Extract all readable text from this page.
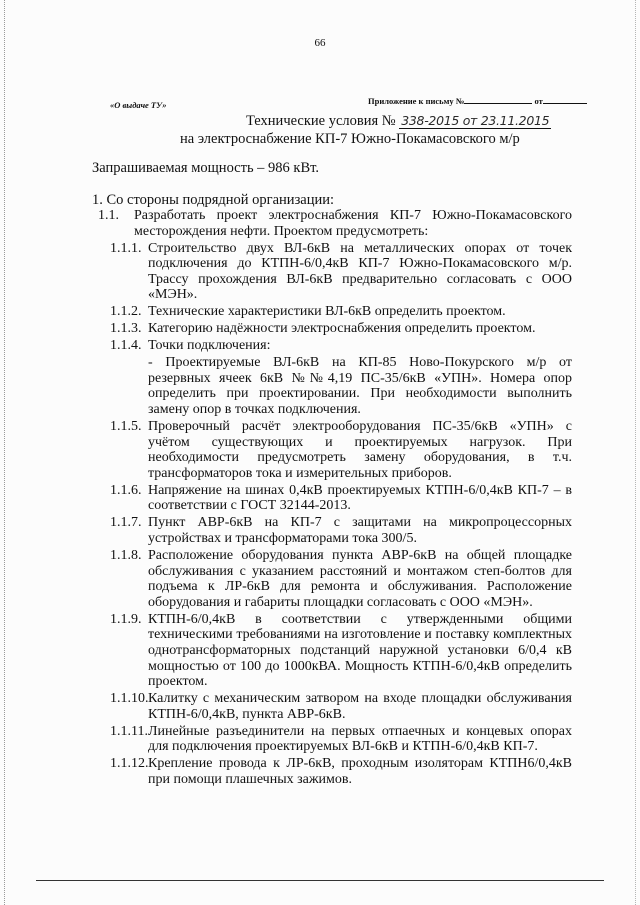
66
Приложение к письму №	от
«О выдаче ТУ»
Технические условия № 338-2015 от 23.11.2015
на электроснабжение КП-7 Южно-Покамасовского м/р
Запрашиваемая мощность – 986 кВт.
1. Со стороны подрядной организации:
1.1.	Разработать проект электроснабжения КП-7 Южно-Покамасовского месторождения нефти. Проектом предусмотреть:
1.1.1. Строительство двух ВЛ-6кВ на металлических опорах от точек подключения до КТПН-6/0,4кВ КП-7 Южно-Покамасовского м/р. Трассу прохождения ВЛ-6кВ предварительно согласовать с ООО «МЭН».
1.1.2. Технические характеристики ВЛ-6кВ определить проектом.
1.1.3. Категорию надёжности электроснабжения определить проектом.
1.1.4. Точки подключения:
- Проектируемые ВЛ-6кВ на КП-85 Ново-Покурского м/р от резервных ячеек 6кВ №№4,19 ПС-35/6кВ «УПН». Номера опор определить при проектировании. При необходимости выполнить замену опор в точках подключения.
1.1.5. Проверочный расчёт электрооборудования ПС-35/6кВ «УПН» с учётом существующих и проектируемых нагрузок. При необходимости предусмотреть замену оборудования, в т.ч. трансформаторов тока и измерительных приборов.
1.1.6. Напряжение на шинах 0,4кВ проектируемых КТПН-6/0,4кВ КП-7 – в соответствии с ГОСТ 32144-2013.
1.1.7. Пункт АВР-6кВ на КП-7 с защитами на микропроцессорных устройствах и трансформаторами тока 300/5.
1.1.8. Расположение оборудования пункта АВР-6кВ на общей площадке обслуживания с указанием расстояний и монтажом степ-болтов для подъема к ЛР-6кВ для ремонта и обслуживания. Расположение оборудования и габариты площадки согласовать с ООО «МЭН».
1.1.9. КТПН-6/0,4кВ в соответствии с утвержденными общими техническими требованиями на изготовление и поставку комплектных однотрансформаторных подстанций наружной установки 6/0,4 кВ мощностью от 100 до 1000кВА. Мощность КТПН-6/0,4кВ определить проектом.
1.1.10. Калитку с механическим затвором на входе площадки обслуживания КТПН-6/0,4кВ, пункта АВР-6кВ.
1.1.11. Линейные разъединители на первых отпаечных и концевых опорах для подключения проектируемых ВЛ-6кВ и КТПН-6/0,4кВ КП-7.
1.1.12. Крепление провода к ЛР-6кВ, проходным изоляторам КТПН6/0,4кВ при помощи плашечных зажимов.
